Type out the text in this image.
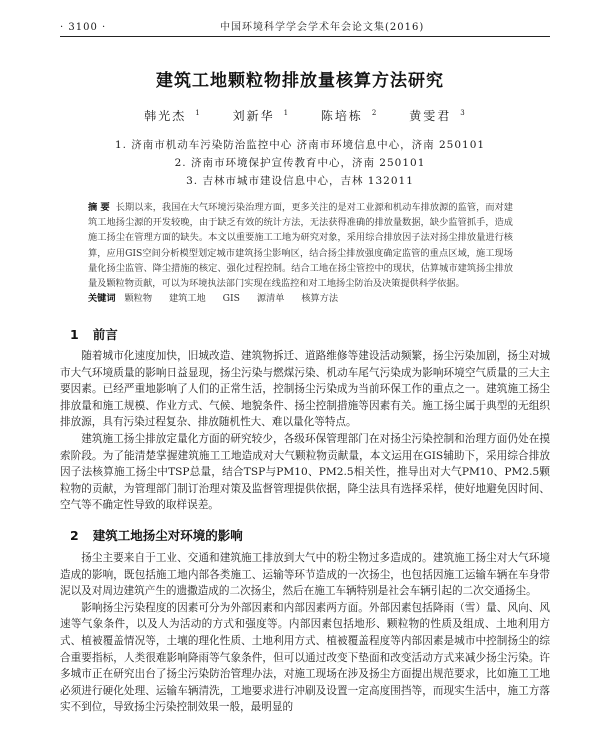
· 3100 ·	中国环境科学学会学术年会论文集(2016)
建筑工地颗粒物排放量核算方法研究
韩光杰 $^1$	刘新华 $^1$	陈培栋 $^2$	黄雯君 $^3$
1. 济南市机动车污染防治监控中心 济南市环境信息中心，济南 250101
2. 济南市环境保护宣传教育中心，济南 250101
3. 吉林市城市建设信息中心，吉林 132011
摘 要 长期以来，我国在大气环境污染治理方面，更多关注的是对工业源和机动车排放源的监管，而对建筑工地扬尘源的开发较晚，由于缺乏有效的统计方法，无法获得准确的排放量数据，缺少监管抓手，造成施工扬尘在管理方面的缺失。本文以重要施工工地为研究对象，采用综合排放因子法对扬尘排放量进行核算，应用GIS空间分析模型划定城市建筑扬尘影响区，结合扬尘排放强度确定监管的重点区域，施工现场量化扬尘监管、降尘措施的核定、强化过程控制。结合工地在扬尘管控中的现状，估算城市建筑扬尘排放量及颗粒物贡献，可以为环境执法部门实现在线监控和对工地扬尘防治及决策提供科学依据。
关键词 颗粒物 建筑工地 GIS 源清单 核算方法
1 前言

随着城市化速度加快，旧城改造、建筑物拆迁、道路维修等建设活动频繁，扬尘污染加剧，扬尘对城市大气环境质量的影响日益显现，扬尘污染与燃煤污染、机动车尾气污染成为影响环境空气质量的三大主要因素。已经严重地影响了人们的正常生活，控制扬尘污染成为当前环保工作的重点之一。建筑施工扬尘排放量和施工规模、作业方式、气候、地貌条件、扬尘控制措施等因素有关。施工扬尘属于典型的无组织排放源，具有污染过程复杂、排放随机性大、难以量化等特点。

建筑施工扬尘排放定量化方面的研究较少，各级环保管理部门在对扬尘污染控制和治理方面仍处在摸索阶段。为了能清楚掌握建筑施工工地造成对大气颗粒物贡献量，本文运用在GIS辅助下，采用综合排放因子法核算施工扬尘中TSP总量，结合TSP与PM10、PM2.5相关性，推导出对大气PM10、PM2.5颗粒物的贡献，为管理部门制订治理对策及监督管理提供依据，降尘法具有选择采样，使好地避免因时间、空气等不确定性导致的取样误差。

2 建筑工地扬尘对环境的影响

扬尘主要来自于工业、交通和建筑施工排放到大气中的粉尘物过多造成的。建筑施工扬尘对大气环境造成的影响，既包括施工地内部各类施工、运输等环节造成的一次扬尘，也包括因施工运输车辆在车身带泥以及对周边建筑产生的遗撒造成的二次扬尘，然后在施工车辆特别是社会车辆引起的二次交通扬尘。

影响扬尘污染程度的因素可分为外部因素和内部因素两方面。外部因素包括降雨（雪）量、风向、风速等气象条件，以及人为活动的方式和强度等。内部因素包括地形、颗粒物的性质及组成、土地利用方式、植被覆盖情况等，土壤的理化性质、土地利用方式、植被覆盖程度等内部因素是城市中控制扬尘的综合重要指标，人类很难影响降雨等气象条件，但可以通过改变下垫面和改变活动方式来减少扬尘污染。许多城市正在研究出台了扬尘污染防治管理办法，对施工现场在涉及扬尘方面提出规范要求，比如施工工地必须进行硬化处理、运输车辆清洗，工地要求进行冲刷及设置一定高度围挡等，而现实生活中，施工方落实不到位，导致扬尘污染控制效果一般，最明显的
